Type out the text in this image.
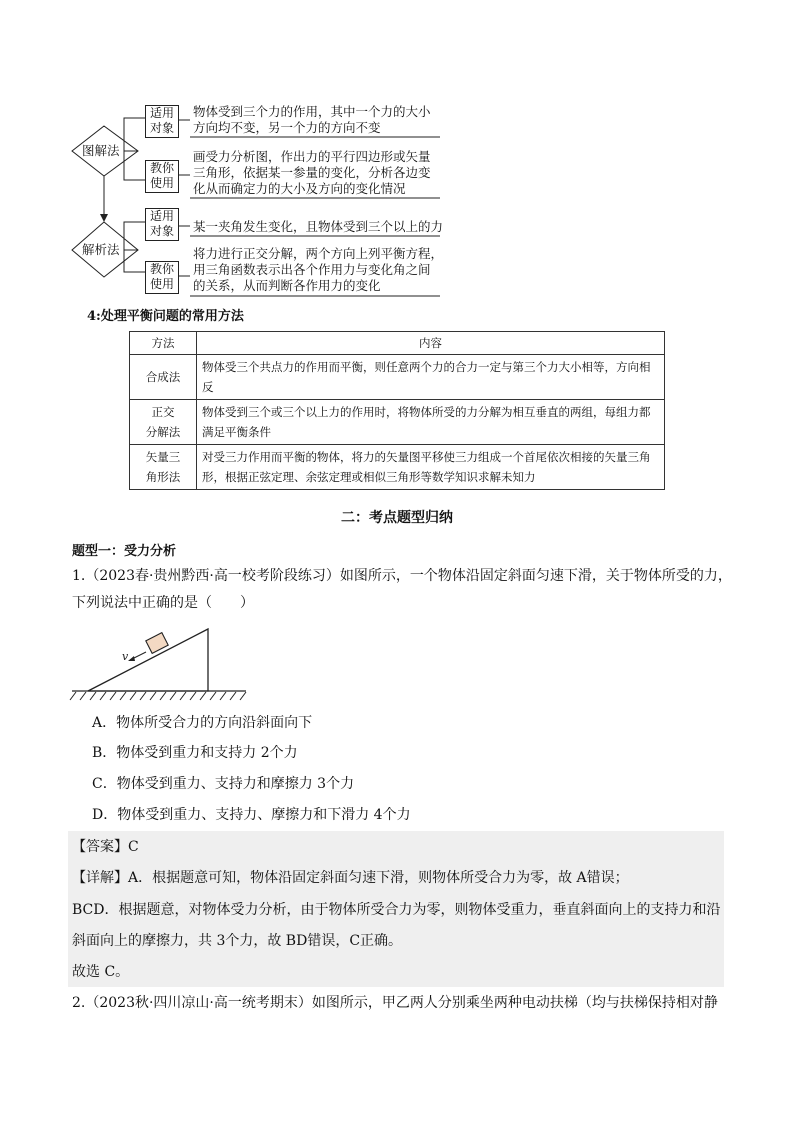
图解法
解析法
适用
对象
物体受到三个力的作用，其中一个力的大小
方向均不变，另一个力的方向不变
教你
使用
画受力分析图，作出力的平行四边形或矢量
三角形，依据某一参量的变化，分析各边变
化从而确定力的大小及方向的变化情况
适用
对象	某一夹角发生变化，且物体受到三个以上的力
教你
使用
将力进行正交分解，两个方向上列平衡方程，
用三角函数表示出各个作用力与变化角之间
的关系，从而判断各作用力的变化
4:处理平衡问题的常用方法
方法	内容

合成法	物体受三个共点力的作用而平衡，则任意两个力的合力一定与第三个力大小相等，方向相反

正交
分解法	物体受到三个或三个以上力的作用时，将物体所受的力分解为相互垂直的两组，每组力都满足平衡条件

矢量三
角形法	对受三力作用而平衡的物体，将力的矢量图平移使三力组成一个首尾依次相接的矢量三角形，根据正弦定理、余弦定理或相似三角形等数学知识求解未知力
二：考点题型归纳
题型一：受力分析
1.（2023春·贵州黔西·高一校考阶段练习）如图所示，一个物体沿固定斜面匀速下滑，关于物体所受的力，下列说法中正确的是（　　）
v
A．物体所受合力的方向沿斜面向下
B．物体受到重力和支持力 2个力
C．物体受到重力、支持力和摩擦力 3个力
D．物体受到重力、支持力、摩擦力和下滑力 4个力
【答案】C
【详解】A．根据题意可知，物体沿固定斜面匀速下滑，则物体所受合力为零，故 A错误；
BCD．根据题意，对物体受力分析，由于物体所受合力为零，则物体受重力，垂直斜面向上的支持力和沿
斜面向上的摩擦力，共 3个力，故 BD错误，C正确。
故选 C。
2.（2023秋·四川凉山·高一统考期末）如图所示，甲乙两人分别乘坐两种电动扶梯（均与扶梯保持相对静
